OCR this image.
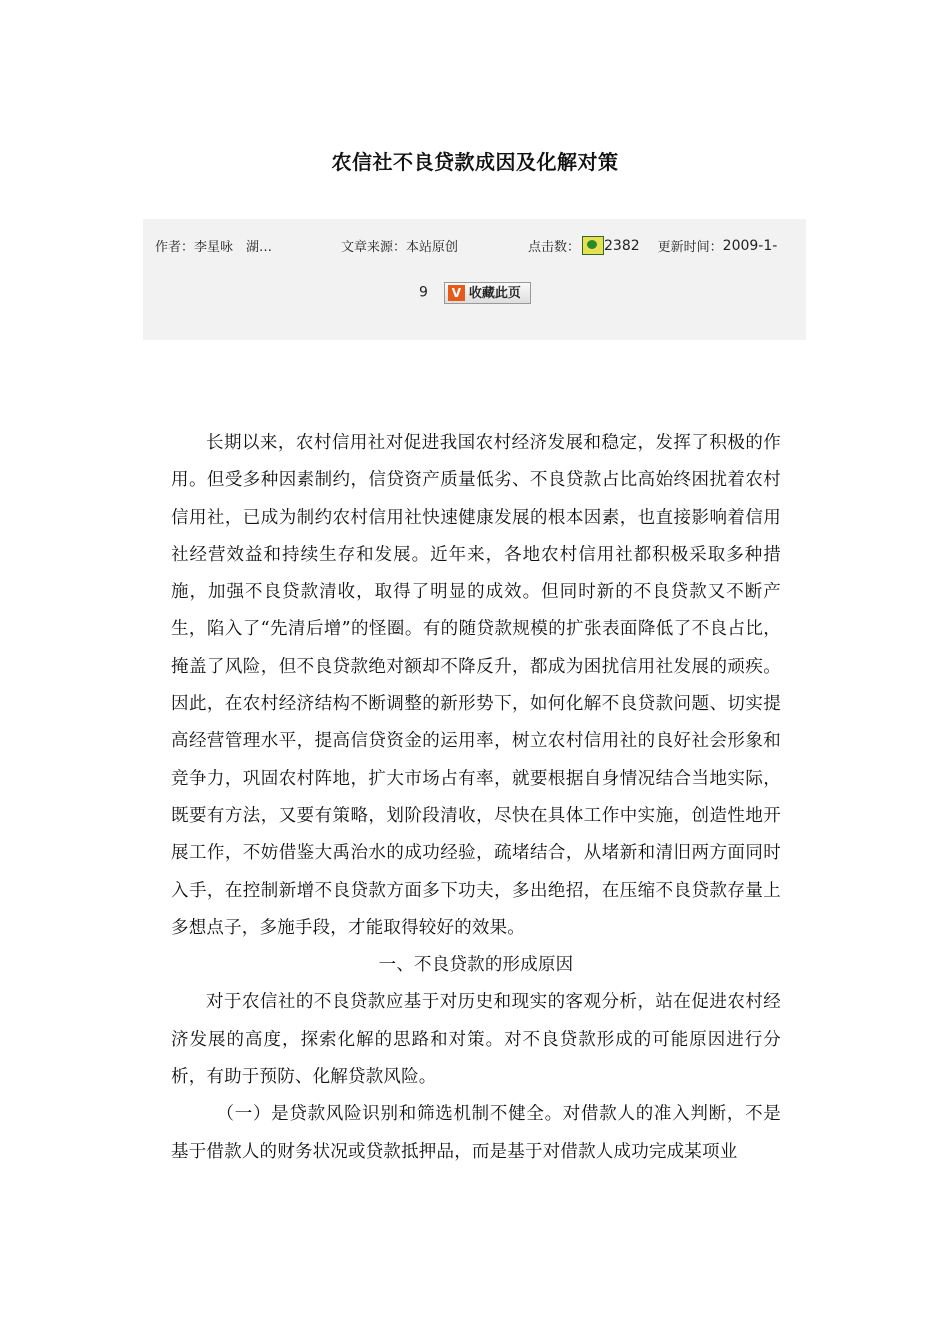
农信社不良贷款成因及化解对策
作者：李星咏　湖…	文章来源：本站原创	点击数： 2382 更新时间：2009-1-
9	V 收藏此页

长期以来，农村信用社对促进我国农村经济发展和稳定，发挥了积极的作用。但受多种因素制约，信贷资产质量低劣、不良贷款占比高始终困扰着农村信用社，已成为制约农村信用社快速健康发展的根本因素，也直接影响着信用社经营效益和持续生存和发展。近年来，各地农村信用社都积极采取多种措施，加强不良贷款清收，取得了明显的成效。但同时新的不良贷款又不断产生，陷入了“先清后增”的怪圈。有的随贷款规模的扩张表面降低了不良占比，掩盖了风险，但不良贷款绝对额却不降反升，都成为困扰信用社发展的顽疾。因此，在农村经济结构不断调整的新形势下，如何化解不良贷款问题、切实提高经营管理水平，提高信贷资金的运用率，树立农村信用社的良好社会形象和竞争力，巩固农村阵地，扩大市场占有率，就要根据自身情况结合当地实际，既要有方法，又要有策略，划阶段清收，尽快在具体工作中实施，创造性地开展工作，不妨借鉴大禹治水的成功经验，疏堵结合，从堵新和清旧两方面同时入手，在控制新增不良贷款方面多下功夫，多出绝招，在压缩不良贷款存量上多想点子，多施手段，才能取得较好的效果。

一、不良贷款的形成原因

对于农信社的不良贷款应基于对历史和现实的客观分析，站在促进农村经济发展的高度，探索化解的思路和对策。对不良贷款形成的可能原因进行分析，有助于预防、化解贷款风险。

（一）是贷款风险识别和筛选机制不健全。对借款人的准入判断，不是基于借款人的财务状况或贷款抵押品，而是基于对借款人成功完成某项业
